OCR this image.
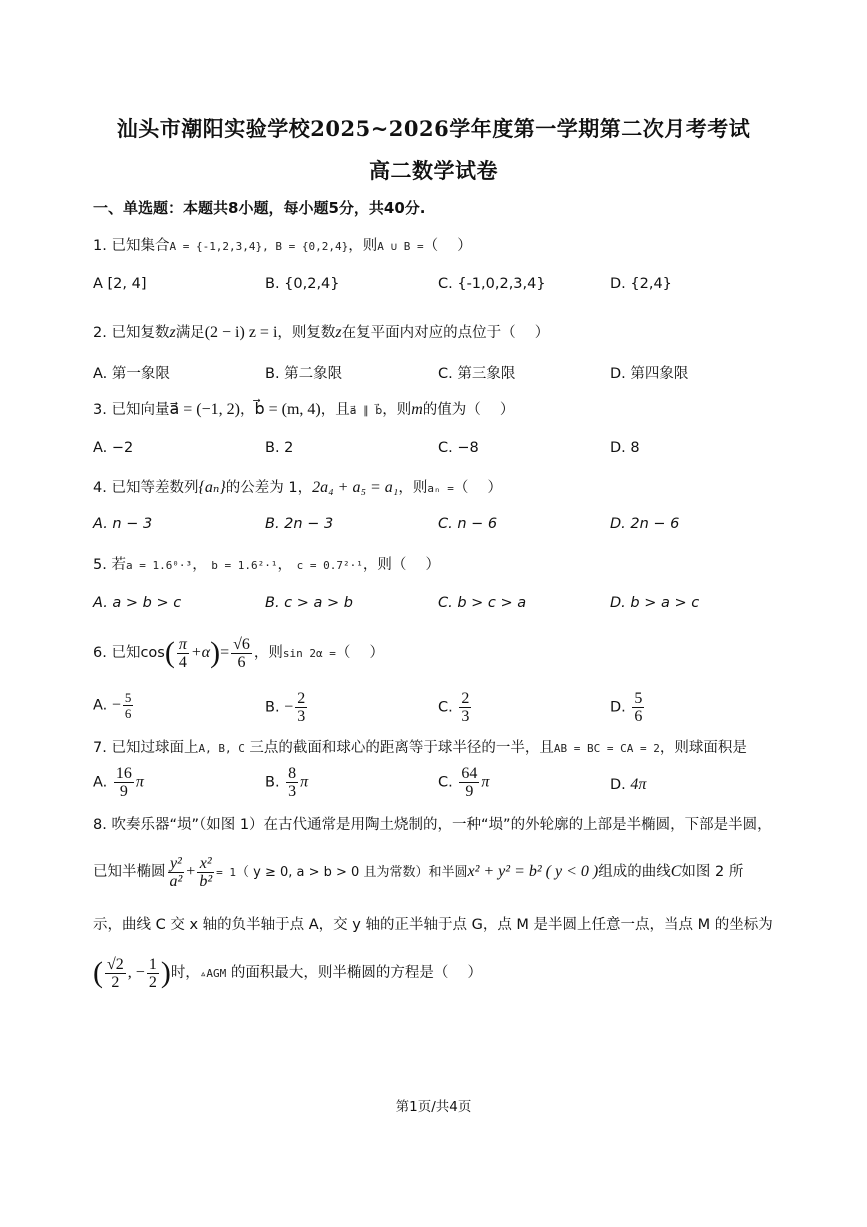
汕头市潮阳实验学校2025~2026学年度第一学期第二次月考考试
高二数学试卷
一、单选题：本题共8小题，每小题5分，共40分.
1. 已知集合A = {-1,2,3,4}, B = {0,2,4}，则A ∪ B =（　 ）
A [2, 4]	B. {0,2,4}	C. {-1,0,2,3,4}	D. {2,4}
2. 已知复数z满足(2 − i) z = i，则复数z在复平面内对应的点位于（　 ）
A. 第一象限	B. 第二象限	C. 第三象限	D. 第四象限
3. 已知向量a⃗ = (−1, 2)，b⃗ = (m, 4)，且a⃗ ∥ b⃗，则m的值为（　 ）
A. −2	B. 2	C. −8	D. 8
4. 已知等差数列{aₙ}的公差为 1，2a₄ + a₅ = a₁，则aₙ =（　 ）
A. n − 3	B. 2n − 3	C. n − 6	D. 2n − 6
5. 若a = 1.6⁰·³， b = 1.6²·¹， c = 0.7²·¹，则（　 ）
A. a > b > c	B. c > a > b	C. b > c > a	D. b > a > c
6. 已知$\cos( \frac{\pi}{4} +\alpha)= \frac{√6}{6}$ ，则sin 2α =（　 ）
A. − $\frac{5}{6}$	B. − $\frac{2}{3}$	C. $\frac{2}{3}$	D. $\frac{5}{6}$
7. 已知过球面上A, B, C 三点的截面和球心的距离等于球半径的一半，且AB = BC = CA = 2，则球面积是
A. $\frac{16}{9}$ π	B. $\frac{8}{3}$ π	C. $\frac{64}{9}$ π	D. 4π
8. 吹奏乐器“埙”（如图 1）在古代通常是用陶土烧制的，一种“埙”的外轮廓的上部是半椭圆，下部是半圆，
已知半椭圆 $\frac{\text{y²}}{\text{a²}} + \frac{\text{x²}}{\text{b²}} = 1$（ y ≥ 0, a > b > 0 且为常数）和半圆x² + y² = b² ( y < 0 )组成的曲线C如图 2 所
示，曲线 C 交 x 轴的负半轴于点 A，交 y 轴的正半轴于点 G，点 M 是半圆上任意一点，当点 M 的坐标为
( $\frac{√2}{2}$ , − $\frac{1}{2}$ )时，▵AGM 的面积最大，则半椭圆的方程是（　 ）
第1页/共4页
